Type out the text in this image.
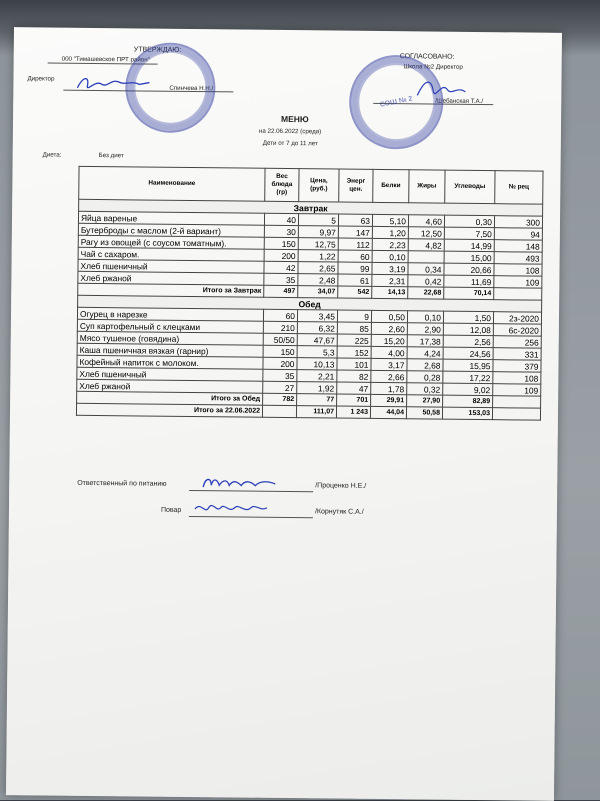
УТВЕРЖДАЮ:
000 "Тимашевское ПРТ район"
Директор
Спинчева Н.Н./
СОГЛАСОВАНО:
Школа №2 Директор
/Шебанская Т.А./
СОШ № 2
МЕНЮ
на 22.06.2022 (среда)
Дети от 7 до 11 лет
Диета:	Без диет
Наименование	Вес блюда (гр)	Цена, (руб.)	Энерг цен.	Белки	Жиры	Углеводы	№ рец
Завтрак							
Яйца вареные	40	5	63	5,10	4,60	0,30	300
Бутерброды с маслом (2-й вариант)	30	9,97	147	1,20	12,50	7,50	94
Рагу из овощей (с соусом томатным).	150	12,75	112	2,23	4,82	14,99	148
Чай с сахаром.	200	1,22	60	0,10		15,00	493
Хлеб пшеничный	42	2,65	99	3,19	0,34	20,66	108
Хлеб ржаной	35	2,48	61	2,31	0,42	11,69	109
Итого за Завтрак	497	34,07	542	14,13	22,68	70,14	
Обед							
Огурец в нарезке	60	3,45	9	0,50	0,10	1,50	2з-2020
Суп картофельный с клецками	210	6,32	85	2,60	2,90	12,08	6с-2020
Мясо тушеное (говядина)	50/50	47,67	225	15,20	17,38	2,56	256
Каша пшеничная вязкая (гарнир)	150	5,3	152	4,00	4,24	24,56	331
Кофейный напиток с молоком.	200	10,13	101	3,17	2,68	15,95	379
Хлеб пшеничный	35	2,21	82	2,66	0,28	17,22	108
Хлеб ржаной	27	1,92	47	1,78	0,32	9,02	109
Итого за Обед	782	77	701	29,91	27,90	82,89	
Итого за 22.06.2022		111,07	1 243	44,04	50,58	153,03	
Ответственный по питанию	/Проценко Н.Е./
Повар	/Корнутяк С.А./
